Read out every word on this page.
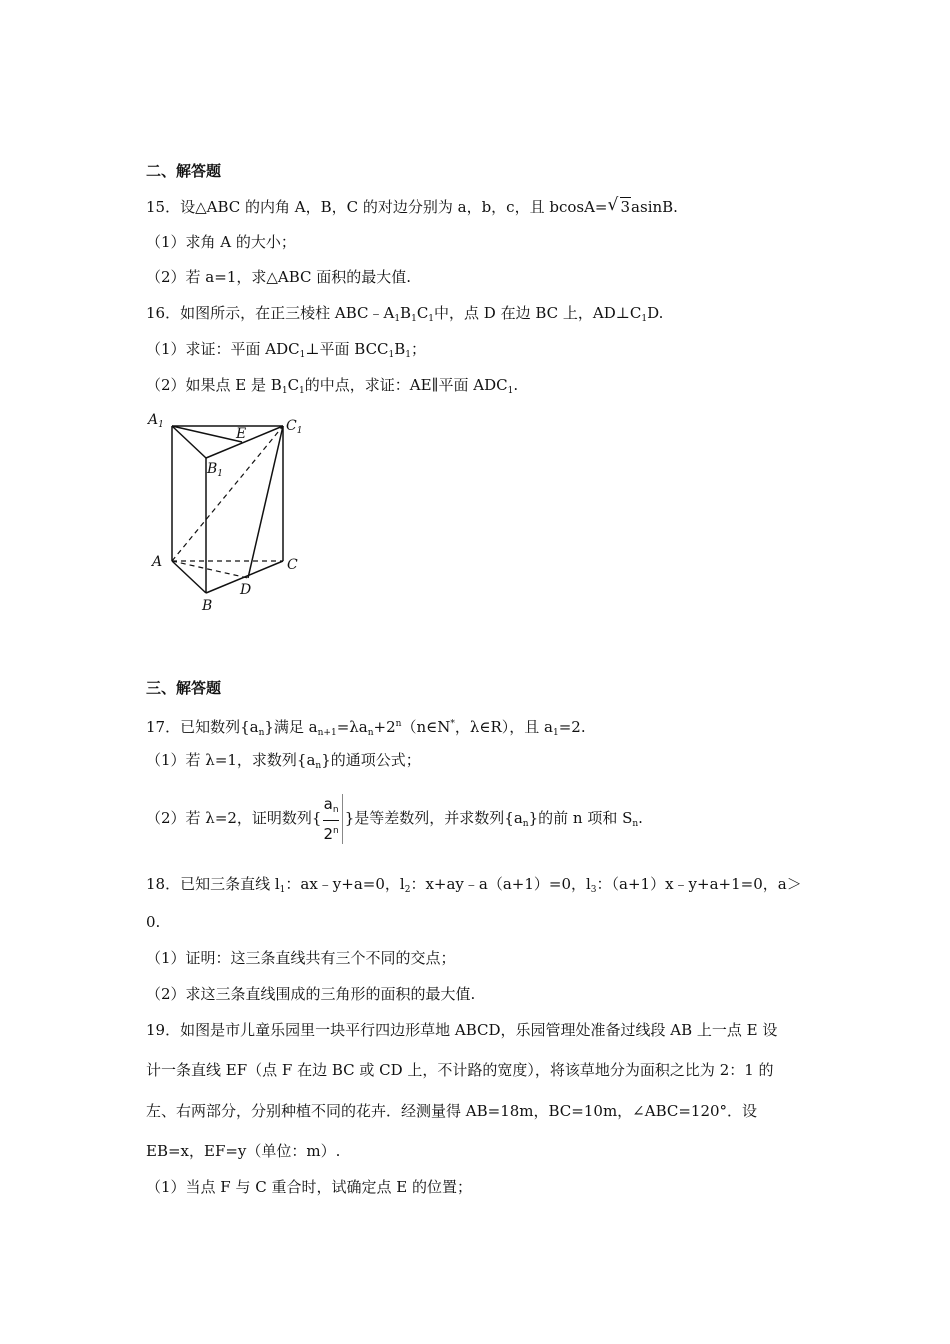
二、解答题
15．设△ABC 的内角 A，B，C 的对边分别为 a，b，c，且 bcosA= √ 3asinB.
（1）求角 A 的大小；
（2）若 a=1，求△ABC 面积的最大值.
16．如图所示，在正三棱柱 $ABC﹣A_1B_1C_1$中，点 D 在边 BC 上，$AD\perp C_1D$.
（1）求证：平面 $ADC_1\perp$平面 $BCC_1B_1$；
（2）如果点 E 是 $B_1C_1$的中点，求证：AE∥平面 $ADC_1$.
$A_1$	$C_1$
E
$B_1$
A	C
D
B
三、解答题
17．已知数列$\{a_n\}$满足 $a_{n+1}=\lambda a_n+2^n(n\in N^*$，λ∈R），且 $a_1=2$.
（1）若 λ=1，求数列$\{a_n\}$的通项公式；
（2）若 λ=2，证明数列{ $\frac{a_n}{2^n}$ }是等差数列，并求数列$\{a_n\}$的前 n 项和 $S_n$.
18．已知三条直线 $l_1$：ax﹣y+a=0，$l_2$：x+ay﹣a（a+1）=0，$l_3$：（a+1）x﹣y+a+1=0，a＞
0.
（1）证明：这三条直线共有三个不同的交点；
（2）求这三条直线围成的三角形的面积的最大值.
19．如图是市儿童乐园里一块平行四边形草地 ABCD，乐园管理处准备过线段 AB 上一点 E 设
计一条直线 EF（点 F 在边 BC 或 CD 上，不计路的宽度），将该草地分为面积之比为 2：1 的
左、右两部分，分别种植不同的花卉．经测量得 AB=18m，BC=10m，∠ABC=120°．设
EB=x，EF=y（单位：m）.
（1）当点 F 与 C 重合时，试确定点 E 的位置；
